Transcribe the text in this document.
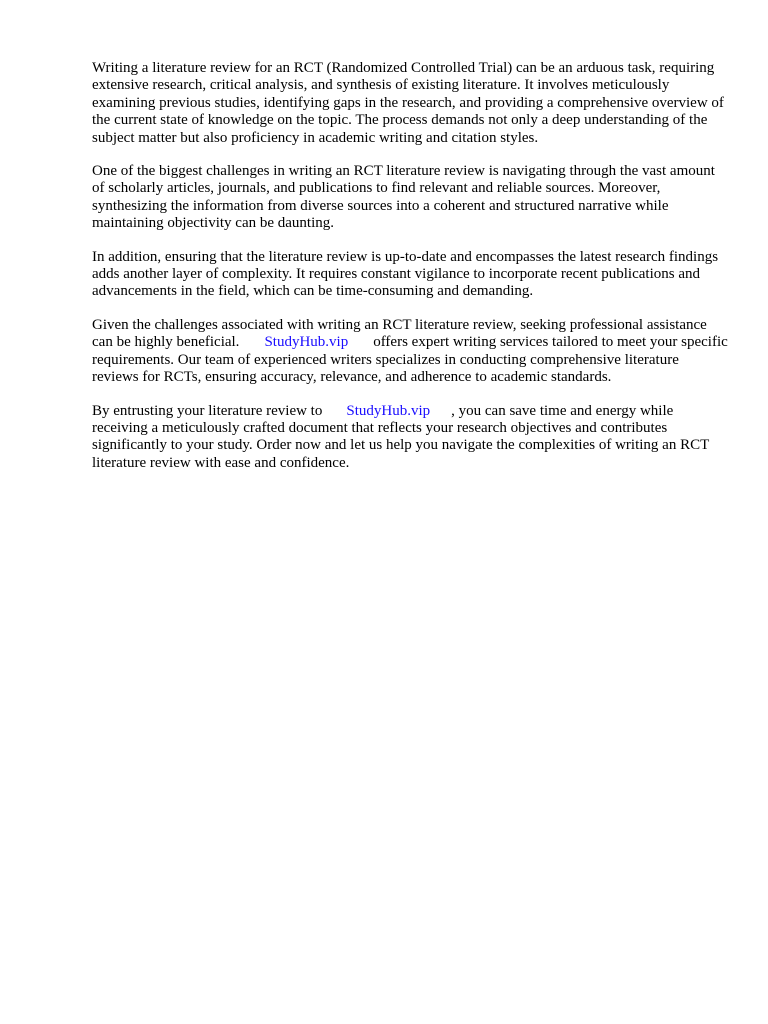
Writing a literature review for an RCT (Randomized Controlled Trial) can be an arduous task, requiring extensive research, critical analysis, and synthesis of existing literature. It involves meticulously examining previous studies, identifying gaps in the research, and providing a comprehensive overview of the current state of knowledge on the topic. The process demands not only a deep understanding of the subject matter but also proficiency in academic writing and citation styles.

One of the biggest challenges in writing an RCT literature review is navigating through the vast amount of scholarly articles, journals, and publications to find relevant and reliable sources. Moreover, synthesizing the information from diverse sources into a coherent and structured narrative while maintaining objectivity can be daunting.

In addition, ensuring that the literature review is up-to-date and encompasses the latest research findings adds another layer of complexity. It requires constant vigilance to incorporate recent publications and advancements in the field, which can be time-consuming and demanding.

Given the challenges associated with writing an RCT literature review, seeking professional assistance can be highly beneficial. StudyHub.vip offers expert writing services tailored to meet your specific requirements. Our team of experienced writers specializes in conducting comprehensive literature reviews for RCTs, ensuring accuracy, relevance, and adherence to academic standards.

By entrusting your literature review to StudyHub.vip , you can save time and energy while receiving a meticulously crafted document that reflects your research objectives and contributes significantly to your study. Order now and let us help you navigate the complexities of writing an RCT literature review with ease and confidence.
